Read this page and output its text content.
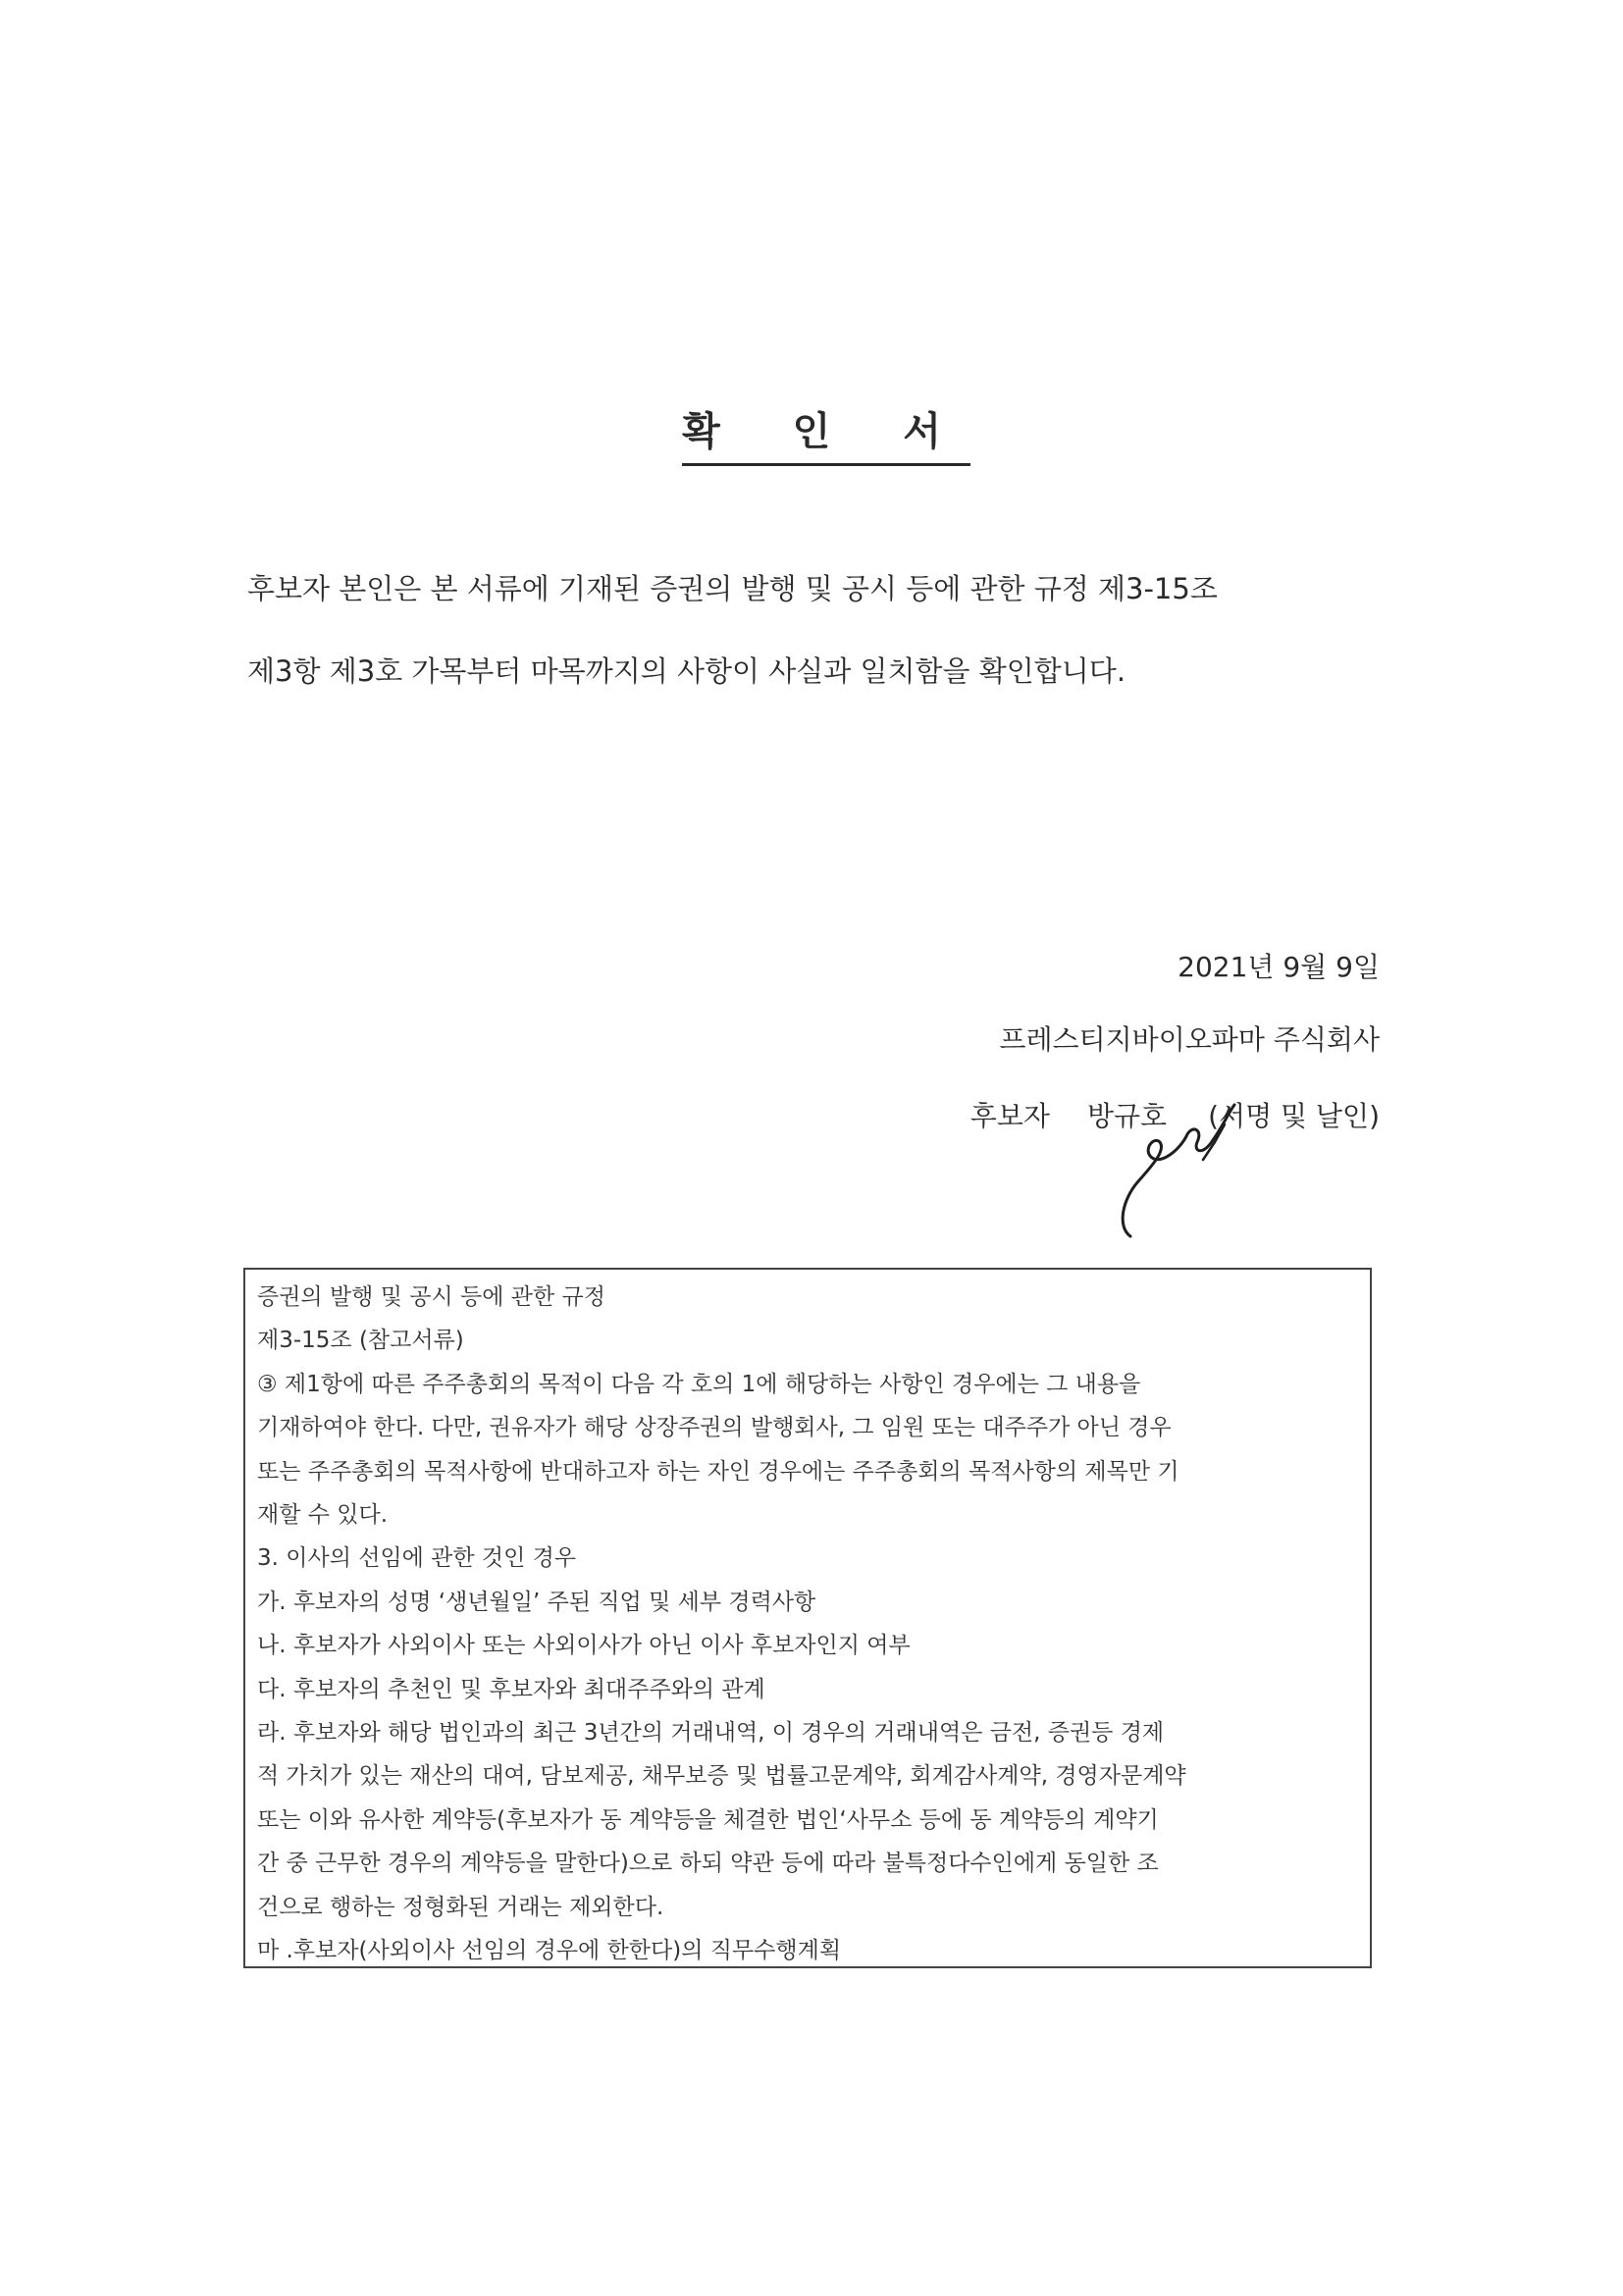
확 인 서
후보자 본인은 본 서류에 기재된 증권의 발행 및 공시 등에 관한 규정 제3-15조
제3항 제3호 가목부터 마목까지의 사항이 사실과 일치함을 확인합니다.
2021년 9월 9일
프레스티지바이오파마 주식회사
후보자 방규호 (서명 및 날인)
증권의 발행 및 공시 등에 관한 규정
제3-15조 (참고서류)
③ 제1항에 따른 주주총회의 목적이 다음 각 호의 1에 해당하는 사항인 경우에는 그 내용을
기재하여야 한다. 다만, 권유자가 해당 상장주권의 발행회사, 그 임원 또는 대주주가 아닌 경우
또는 주주총회의 목적사항에 반대하고자 하는 자인 경우에는 주주총회의 목적사항의 제목만 기
재할 수 있다.
3. 이사의 선임에 관한 것인 경우
가. 후보자의 성명 ‘생년월일’ 주된 직업 및 세부 경력사항
나. 후보자가 사외이사 또는 사외이사가 아닌 이사 후보자인지 여부
다. 후보자의 추천인 및 후보자와 최대주주와의 관계
라. 후보자와 해당 법인과의 최근 3년간의 거래내역, 이 경우의 거래내역은 금전, 증권등 경제
적 가치가 있는 재산의 대여, 담보제공, 채무보증 및 법률고문계약, 회계감사계약, 경영자문계약
또는 이와 유사한 계약등(후보자가 동 계약등을 체결한 법인‘사무소 등에 동 계약등의 계약기
간 중 근무한 경우의 계약등을 말한다)으로 하되 약관 등에 따라 불특정다수인에게 동일한 조
건으로 행하는 정형화된 거래는 제외한다.
마 .후보자(사외이사 선임의 경우에 한한다)의 직무수행계획
